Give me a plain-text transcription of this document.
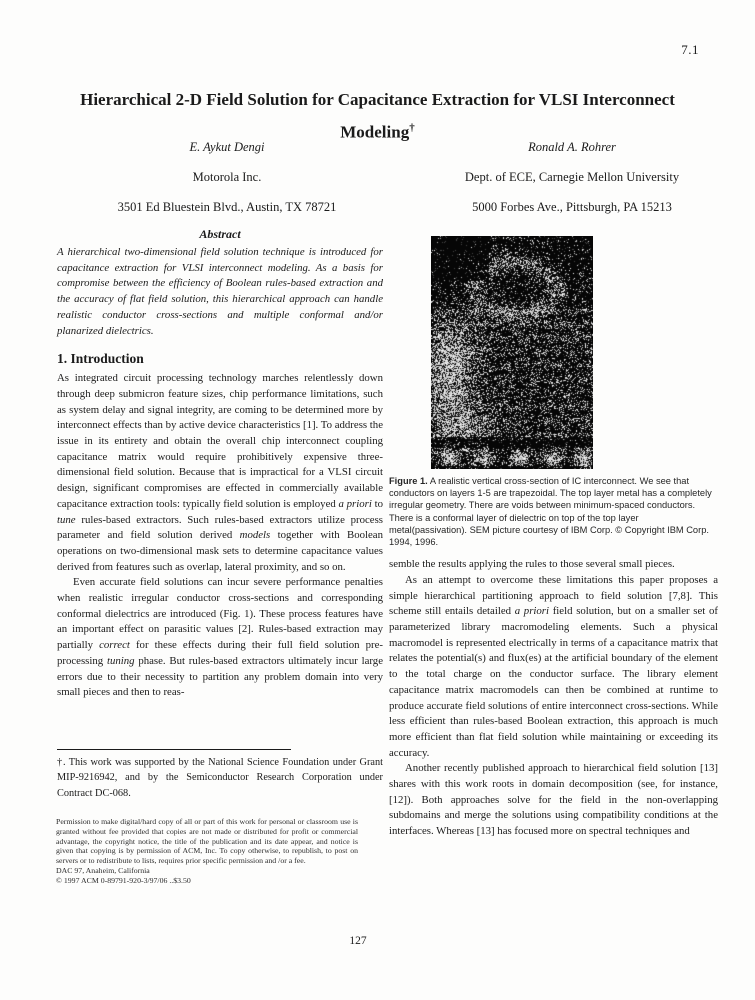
7.1
Hierarchical 2-D Field Solution for Capacitance Extraction for VLSI Interconnect
Modeling†
E. Aykut Dengi
Motorola Inc.
3501 Ed Bluestein Blvd., Austin, TX 78721
Ronald A. Rohrer
Dept. of ECE, Carnegie Mellon University
5000 Forbes Ave., Pittsburgh, PA 15213
Abstract

A hierarchical two-dimensional field solution technique is introduced for capacitance extraction for VLSI interconnect modeling. As a basis for compromise between the efficiency of Boolean rules-based extraction and the accuracy of flat field solution, this hierarchical approach can handle realistic conductor cross-sections and multiple conformal and/or planarized dielectrics.

1. Introduction

As integrated circuit processing technology marches relentlessly down through deep submicron feature sizes, chip performance limitations, such as system delay and signal integrity, are coming to be determined more by interconnect effects than by active device characteristics [1]. To address the issue in its entirety and obtain the overall chip interconnect coupling capacitance matrix would require prohibitively expensive three-dimensional field solution. Because that is impractical for a VLSI circuit design, significant compromises are effected in commercially available capacitance extraction tools: typically field solution is employed a priori to tune rules-based extractors. Such rules-based extractors utilize process parameter and field solution derived models together with Boolean operations on two-dimensional mask sets to determine capacitance values derived from features such as overlap, lateral proximity, and so on.

Even accurate field solutions can incur severe performance penalties when realistic irregular conductor cross-sections and corresponding conformal dielectrics are introduced (Fig. 1). These process features have an important effect on parasitic values [2]. Rules-based extraction may partially correct for these effects during their full field solution pre-processing tuning phase. But rules-based extractors ultimately incur large errors due to their necessity to partition any problem domain into very small pieces and then to reas-

Figure 1. A realistic vertical cross-section of IC interconnect. We see that conductors on layers 1-5 are trapezoidal. The top layer metal has a completely irregular geometry. There are voids between minimum-spaced conductors. There is a conformal layer of dielectric on top of the top layer metal(passivation). SEM picture courtesy of IBM Corp. © Copyright IBM Corp. 1994, 1996.

semble the results applying the rules to those several small pieces.

As an attempt to overcome these limitations this paper proposes a simple hierarchical partitioning approach to field solution [7,8]. This scheme still entails detailed a priori field solution, but on a smaller set of parameterized library macromodeling elements. Such a physical macromodel is represented electrically in terms of a capacitance matrix that relates the potential(s) and flux(es) at the artificial boundary of the element to the total charge on the conductor surface. The library element capacitance matrix macromodels can then be combined at runtime to produce accurate field solutions of entire interconnect cross-sections. While less efficient than rules-based Boolean extraction, this approach is much more efficient than flat field solution while maintaining or exceeding its accuracy.

Another recently published approach to hierarchical field solution [13] shares with this work roots in domain decomposition (see, for instance, [12]). Both approaches solve for the field in the non-overlapping subdomains and merge the solutions using compatibility conditions at the interfaces. Whereas [13] has focused more on spectral techniques and

†. This work was supported by the National Science Foundation under Grant MIP-9216942, and by the Semiconductor Research Corporation under Contract DC-068.
Permission to make digital/hard copy of all or part of this work for personal or classroom use is granted without fee provided that copies are not made or distributed for profit or commercial advantage, the copyright notice, the title of the publication and its date appear, and notice is given that copying is by permission of ACM, Inc. To copy otherwise, to republish, to post on servers or to redistribute to lists, requires prior specific permission and /or a fee.
DAC 97, Anaheim, California
© 1997 ACM 0-89791-920-3/97/06 ..$3.50
127
